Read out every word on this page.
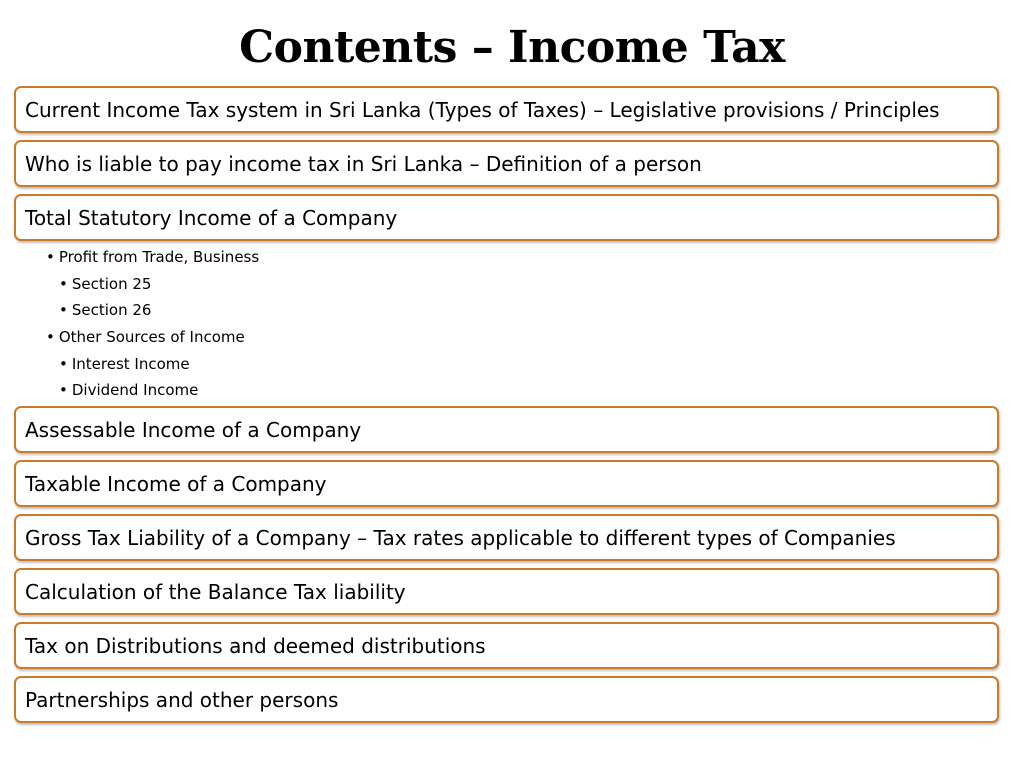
Contents – Income Tax
Current Income Tax system in Sri Lanka (Types of Taxes) – Legislative provisions / Principles
Who is liable to pay income tax in Sri Lanka – Definition of a person
Total Statutory Income of a Company
• Profit from Trade, Business
• Section 25
• Section 26
• Other Sources of Income
• Interest Income
• Dividend Income
Assessable Income of a Company
Taxable Income of a Company
Gross Tax Liability of a Company – Tax rates applicable to different types of Companies
Calculation of the Balance Tax liability
Tax on Distributions and deemed distributions
Partnerships and other persons
